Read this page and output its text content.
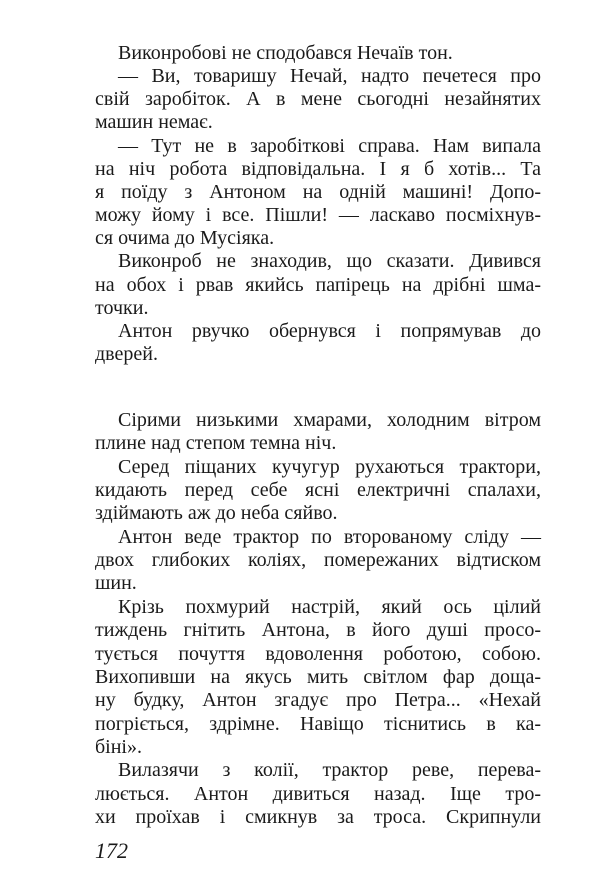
Виконробові не сподобався Нечаїв тон.
— Ви, товаришу Нечай, надто печетеся про
свій заробіток. А в мене сьогодні незайнятих
машин немає.
— Тут не в заробіткові справа. Нам випала
на ніч робота відповідальна. І я б хотів... Та
я поїду з Антоном на одній машині! Допо-
можу йому і все. Пішли! — ласкаво посміхнув-
ся очима до Мусіяка.
Виконроб не знаходив, що сказати. Дивився
на обох і рвав якийсь папірець на дрібні шма-
точки.
Антон рвучко обернувся і попрямував до
дверей.
Сірими низькими хмарами, холодним вітром
плине над степом темна ніч.
Серед піщаних кучугур рухаються трактори,
кидають перед себе ясні електричні спалахи,
здіймають аж до неба сяйво.
Антон веде трактор по второваному сліду —
двох глибоких коліях, помережаних відтиском
шин.
Крізь похмурий настрій, який ось цілий
тиждень гнітить Антона, в його душі просо-
тується почуття вдоволення роботою, собою.
Вихопивши на якусь мить світлом фар доща-
ну будку, Антон згадує про Петра... «Нехай
погріється, здрімне. Навіщо тіснитись в ка-
біні».
Вилазячи з колії, трактор реве, перева-
люється. Антон дивиться назад. Іще тро-
хи проїхав і смикнув за троса. Скрипнули
172
